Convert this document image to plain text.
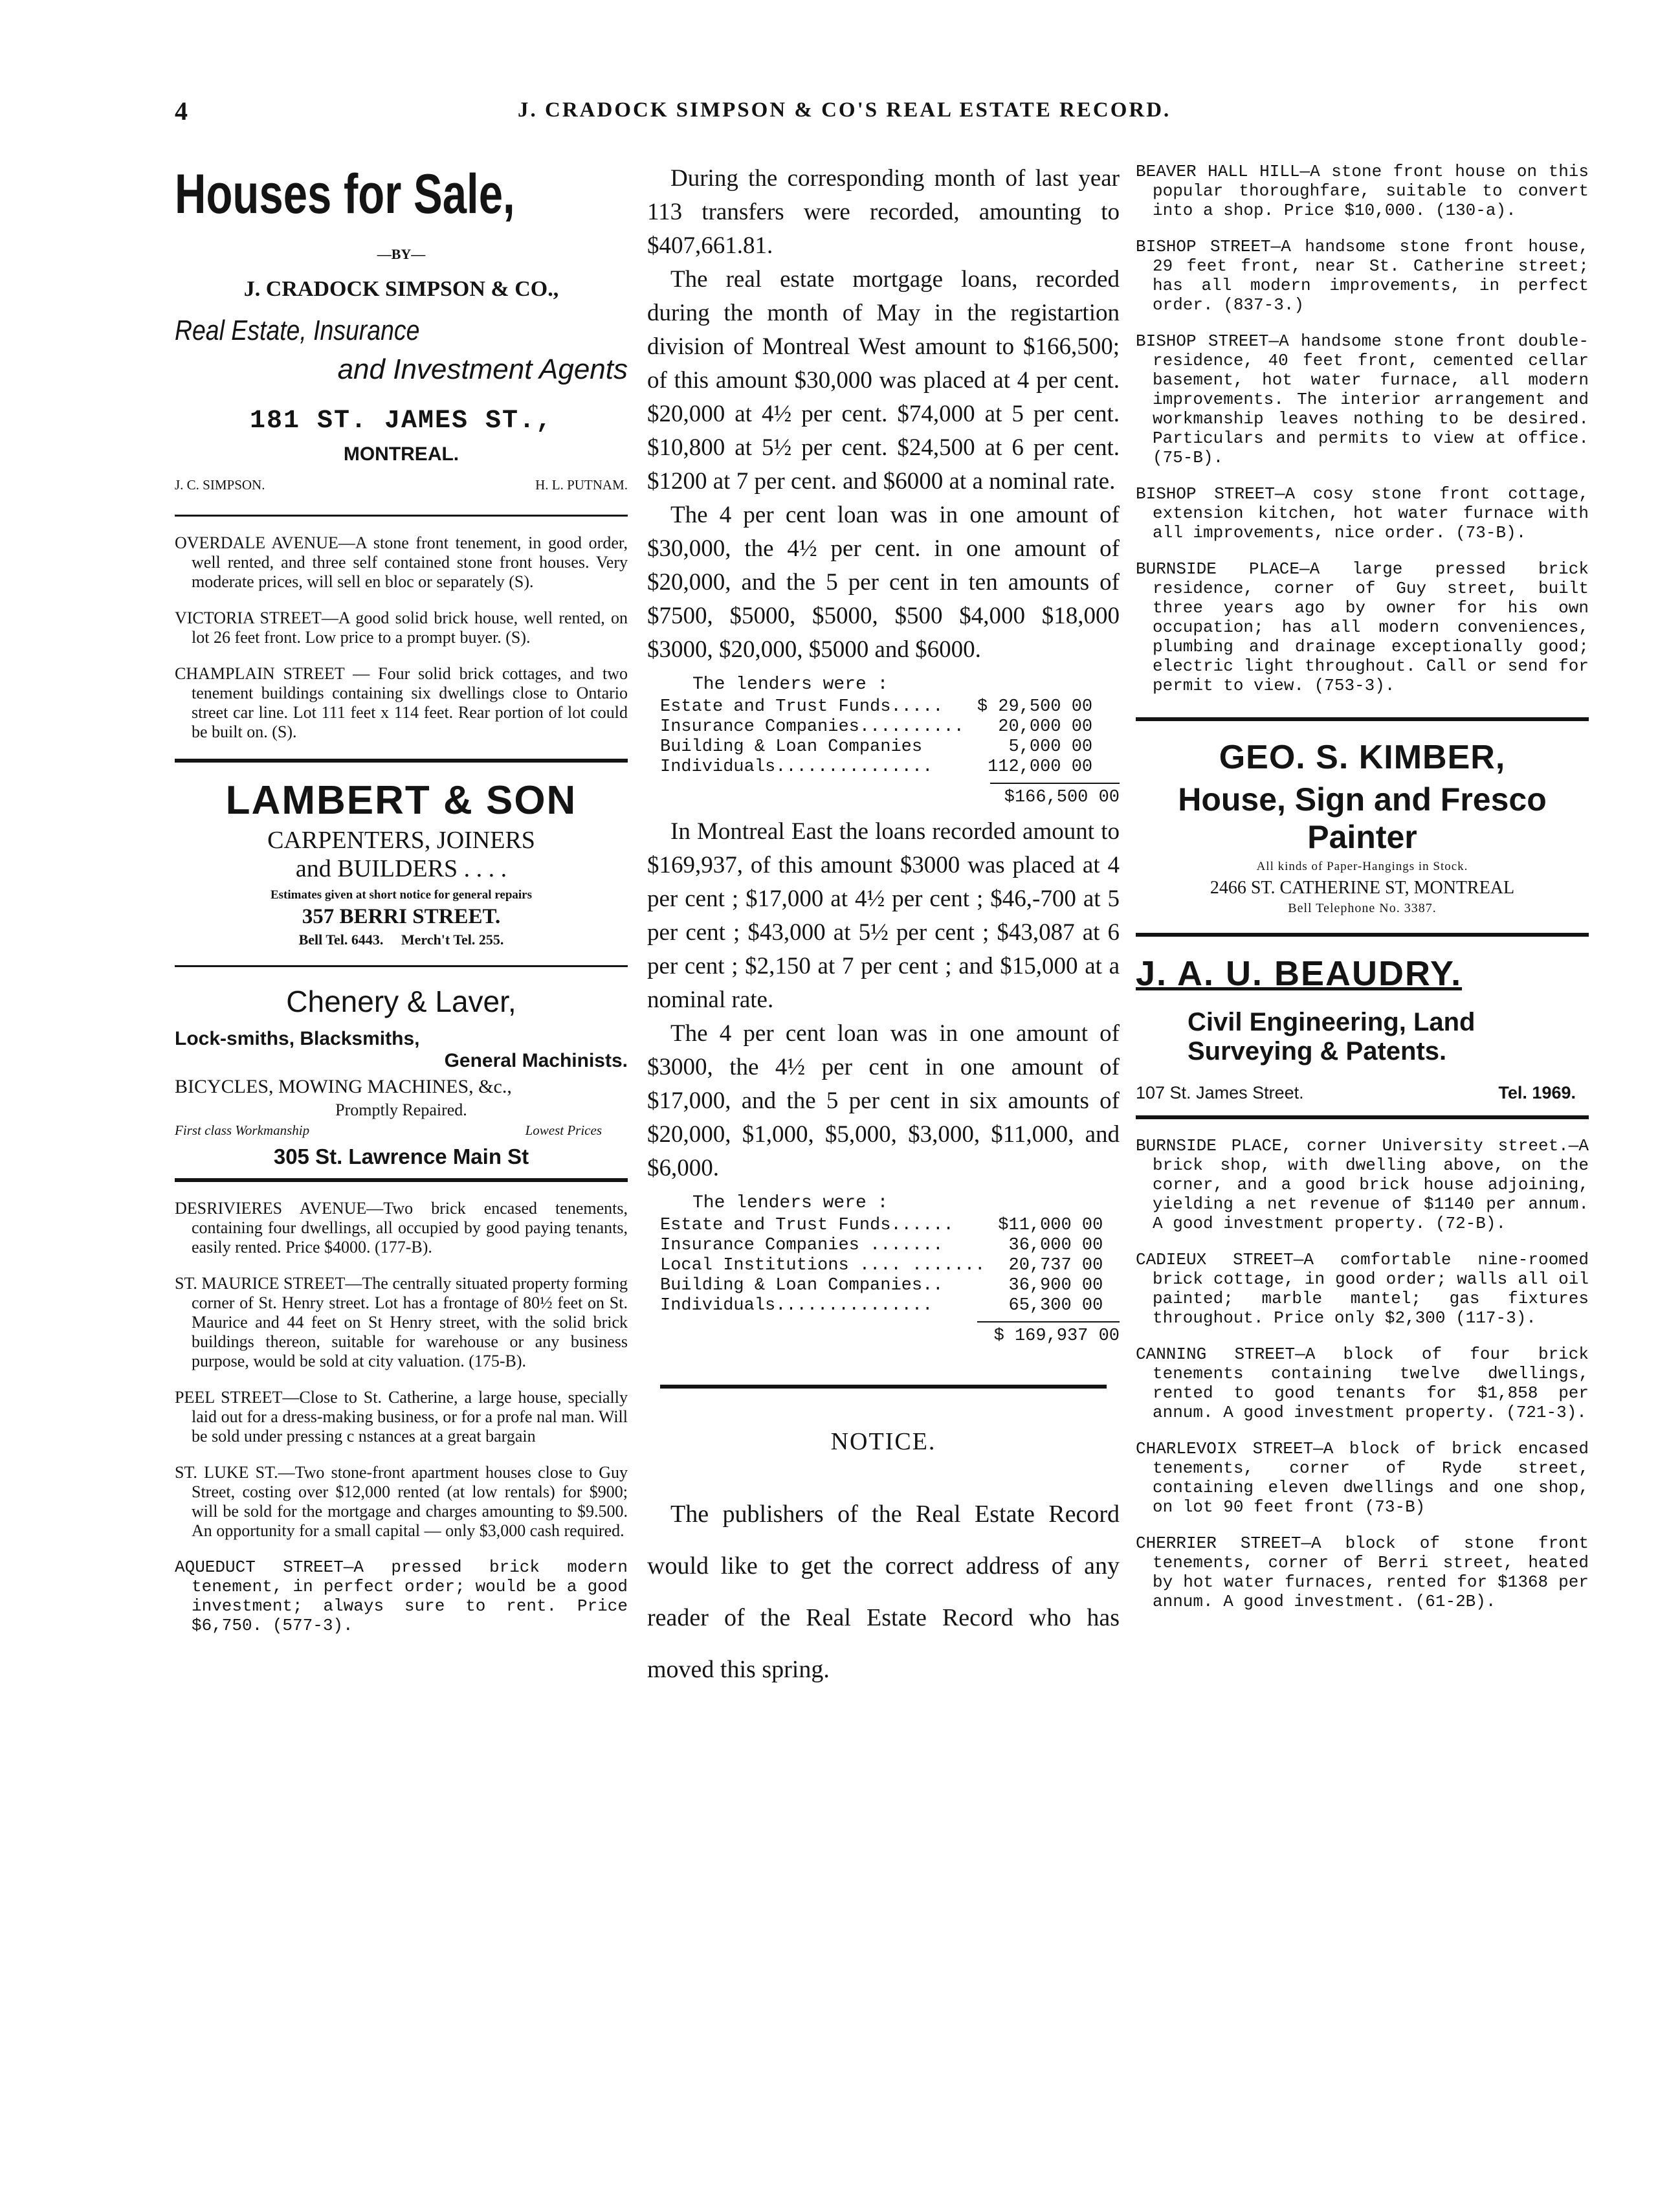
4	J. CRADOCK SIMPSON & CO'S REAL ESTATE RECORD.
Houses for Sale,
—BY—
J. CRADOCK SIMPSON & CO.,
Real Estate, Insurance
and Investment Agents
181 ST. JAMES ST.,
MONTREAL.
J. C. SIMPSON.	H. L. PUTNAM.

OVERDALE AVENUE—A stone front tenement, in good order, well rented, and three self contained stone front houses. Very moderate prices, will sell en bloc or separately (S).

VICTORIA STREET—A good solid brick house, well rented, on lot 26 feet front. Low price to a prompt buyer. (S).

CHAMPLAIN STREET — Four solid brick cottages, and two tenement buildings containing six dwellings close to Ontario street car line. Lot 111 feet x 114 feet. Rear portion of lot could be built on. (S).

LAMBERT & SON
CARPENTERS, JOINERS
and BUILDERS . . . .
Estimates given at short notice for general repairs
357 BERRI STREET.
Bell Tel. 6443.     Merch't Tel. 255.
Chenery & Laver,
Lock-smiths, Blacksmiths,
General Machinists.
BICYCLES, MOWING MACHINES, &c.,
Promptly Repaired.
First class Workmanship	Lowest Prices
305 St. Lawrence Main St

DESRIVIERES AVENUE—Two brick encased tenements, containing four dwellings, all occupied by good paying tenants, easily rented. Price $4000. (177-B).

ST. MAURICE STREET—The centrally situated property forming corner of St. Henry street. Lot has a frontage of 80½ feet on St. Maurice and 44 feet on St Henry street, with the solid brick buildings thereon, suitable for warehouse or any business purpose, would be sold at city valuation. (175-B).

PEEL STREET—Close to St. Catherine, a large house, specially laid out for a dress-making business, or for a profe nal man. Will be sold under pressing c nstances at a great bargain

ST. LUKE ST.—Two stone-front apartment houses close to Guy Street, costing over $12,000 rented (at low rentals) for $900; will be sold for the mortgage and charges amounting to $9.500. An opportunity for a small capital — only $3,000 cash required.

AQUEDUCT STREET—A pressed brick modern tenement, in perfect order; would be a good investment; always sure to rent. Price $6,750. (577-3).

During the corresponding month of last year 113 transfers were recorded, amounting to $407,661.81.

The real estate mortgage loans, recorded during the month of May in the registartion division of Montreal West amount to $166,500; of this amount $30,000 was placed at 4 per cent. $20,000 at 4½ per cent. $74,000 at 5 per cent. $10,800 at 5½ per cent. $24,500 at 6 per cent. $1200 at 7 per cent. and $6000 at a nominal rate.

The 4 per cent loan was in one amount of $30,000, the 4½ per cent. in one amount of $20,000, and the 5 per cent in ten amounts of $7500, $5000, $5000, $500 $4,000 $18,000 $3000, $20,000, $5000 and $6000.

The lenders were :
Estate and Trust Funds.....	$ 29,500 00
Insurance Companies..........	20,000 00
Building & Loan Companies	5,000 00
Individuals...............	112,000 00
$166,500 00

In Montreal East the loans recorded amount to $169,937, of this amount $3000 was placed at 4 per cent ; $17,000 at 4½ per cent ; $46,-700 at 5 per cent ; $43,000 at 5½ per cent ; $43,087 at 6 per cent ; $2,150 at 7 per cent ; and $15,000 at a nominal rate.

The 4 per cent loan was in one amount of $3000, the 4½ per cent in one amount of $17,000, and the 5 per cent in six amounts of $20,000, $1,000, $5,000, $3,000, $11,000, and $6,000.

The lenders were :
Estate and Trust Funds......	$11,000 00
Insurance Companies .......	36,000 00
Local Institutions .... .......	20,737 00
Building & Loan Companies..	36,900 00
Individuals...............	65,300 00
$ 169,937 00
NOTICE.

The publishers of the Real Estate Record would like to get the correct address of any reader of the Real Estate Record who has moved this spring.

BEAVER HALL HILL—A stone front house on this popular thoroughfare, suitable to convert into a shop. Price $10,000. (130-a).

BISHOP STREET—A handsome stone front house, 29 feet front, near St. Catherine street; has all modern improvements, in perfect order. (837-3.)

BISHOP STREET—A handsome stone front double-residence, 40 feet front, cemented cellar basement, hot water furnace, all modern improvements. The interior arrangement and workmanship leaves nothing to be desired. Particulars and permits to view at office. (75-B).

BISHOP STREET—A cosy stone front cottage, extension kitchen, hot water furnace with all improvements, nice order. (73-B).

BURNSIDE PLACE—A large pressed brick residence, corner of Guy street, built three years ago by owner for his own occupation; has all modern conveniences, plumbing and drainage exceptionally good; electric light throughout. Call or send for permit to view. (753-3).

GEO. S. KIMBER,
House, Sign and Fresco
Painter
All kinds of Paper-Hangings in Stock.
2466 ST. CATHERINE ST, MONTREAL
Bell Telephone No. 3387.
J. A. U. BEAUDRY.
Civil Engineering, Land
Surveying & Patents.
107 St. James Street.	Tel. 1969.

BURNSIDE PLACE, corner University street.—A brick shop, with dwelling above, on the corner, and a good brick house adjoining, yielding a net revenue of $1140 per annum. A good investment property. (72-B).

CADIEUX STREET—A comfortable nine-roomed brick cottage, in good order; walls all oil painted; marble mantel; gas fixtures throughout. Price only $2,300 (117-3).

CANNING STREET—A block of four brick tenements containing twelve dwellings, rented to good tenants for $1,858 per annum. A good investment property. (721-3).

CHARLEVOIX STREET—A block of brick encased tenements, corner of Ryde street, containing eleven dwellings and one shop, on lot 90 feet front (73-B)

CHERRIER STREET—A block of stone front tenements, corner of Berri street, heated by hot water furnaces, rented for $1368 per annum. A good investment. (61-2B).
